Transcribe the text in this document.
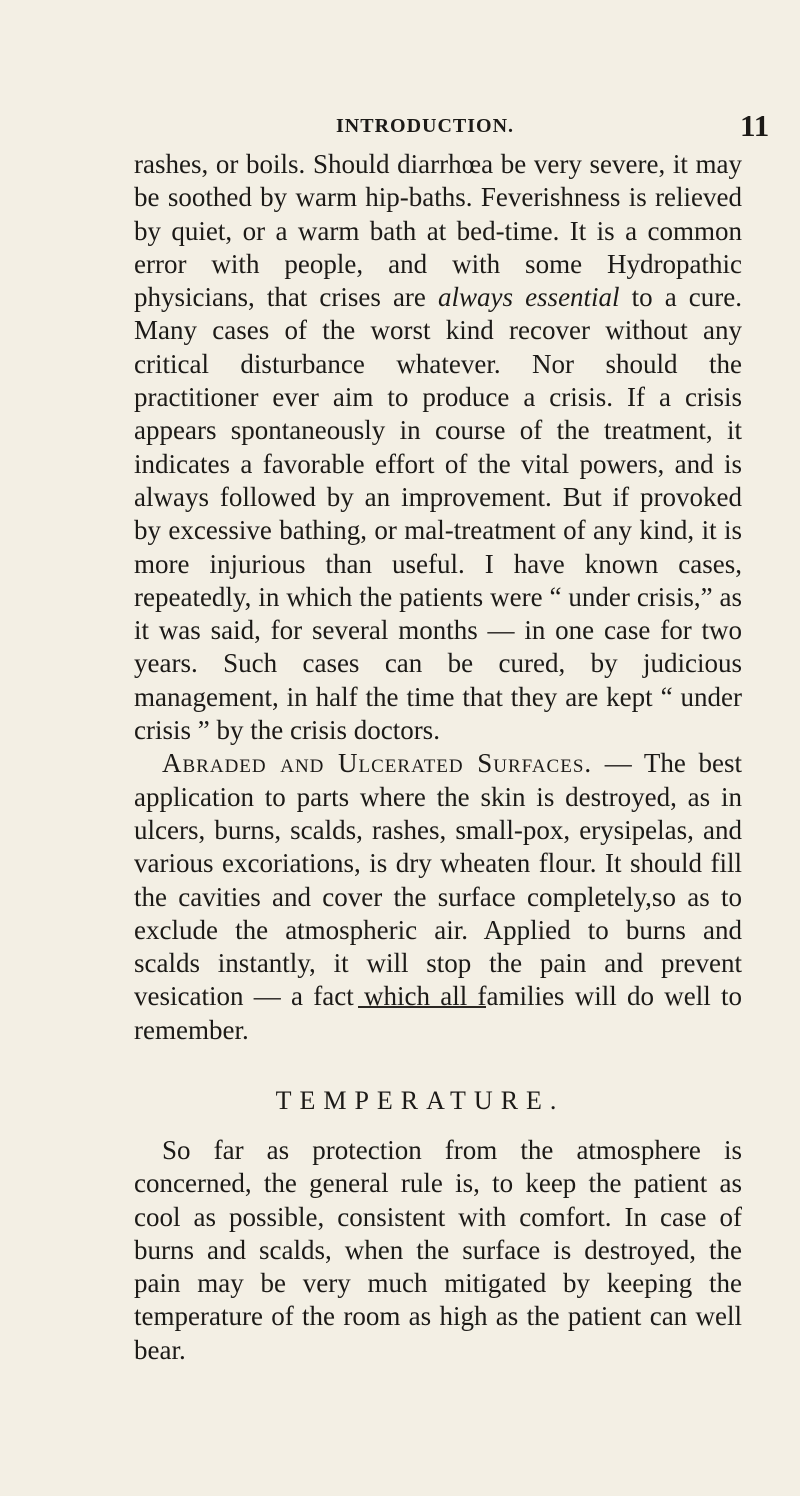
INTRODUCTION.	11

rashes, or boils. Should diarrhœa be very severe, it may be soothed by warm hip-baths. Feverishness is relieved by quiet, or a warm bath at bed-time. It is a common error with people, and with some Hydropathic physicians, that crises are always essential to a cure. Many cases of the worst kind recover without any critical disturbance whatever. Nor should the practitioner ever aim to produce a crisis. If a crisis appears spontaneously in course of the treatment, it indicates a favorable effort of the vital powers, and is always followed by an improvement. But if provoked by excessive bathing, or mal-treatment of any kind, it is more injurious than useful. I have known cases, repeatedly, in which the patients were “ under crisis,” as it was said, for several months — in one case for two years. Such cases can be cured, by judicious management, in half the time that they are kept “ under crisis ” by the crisis doctors.

Abraded and Ulcerated Surfaces. — The best application to parts where the skin is destroyed, as in ulcers, burns, scalds, rashes, small-pox, erysipelas, and various excoriations, is dry wheaten flour. It should fill the cavities and cover the surface completely,so as to exclude the atmospheric air. Applied to burns and scalds instantly, it will stop the pain and prevent vesication — a fact which all families will do well to remember.

TEMPERATURE.

So far as protection from the atmosphere is concerned, the general rule is, to keep the patient as cool as possible, consistent with comfort. In case of burns and scalds, when the surface is destroyed, the pain may be very much mitigated by keeping the temperature of the room as high as the patient can well bear.
